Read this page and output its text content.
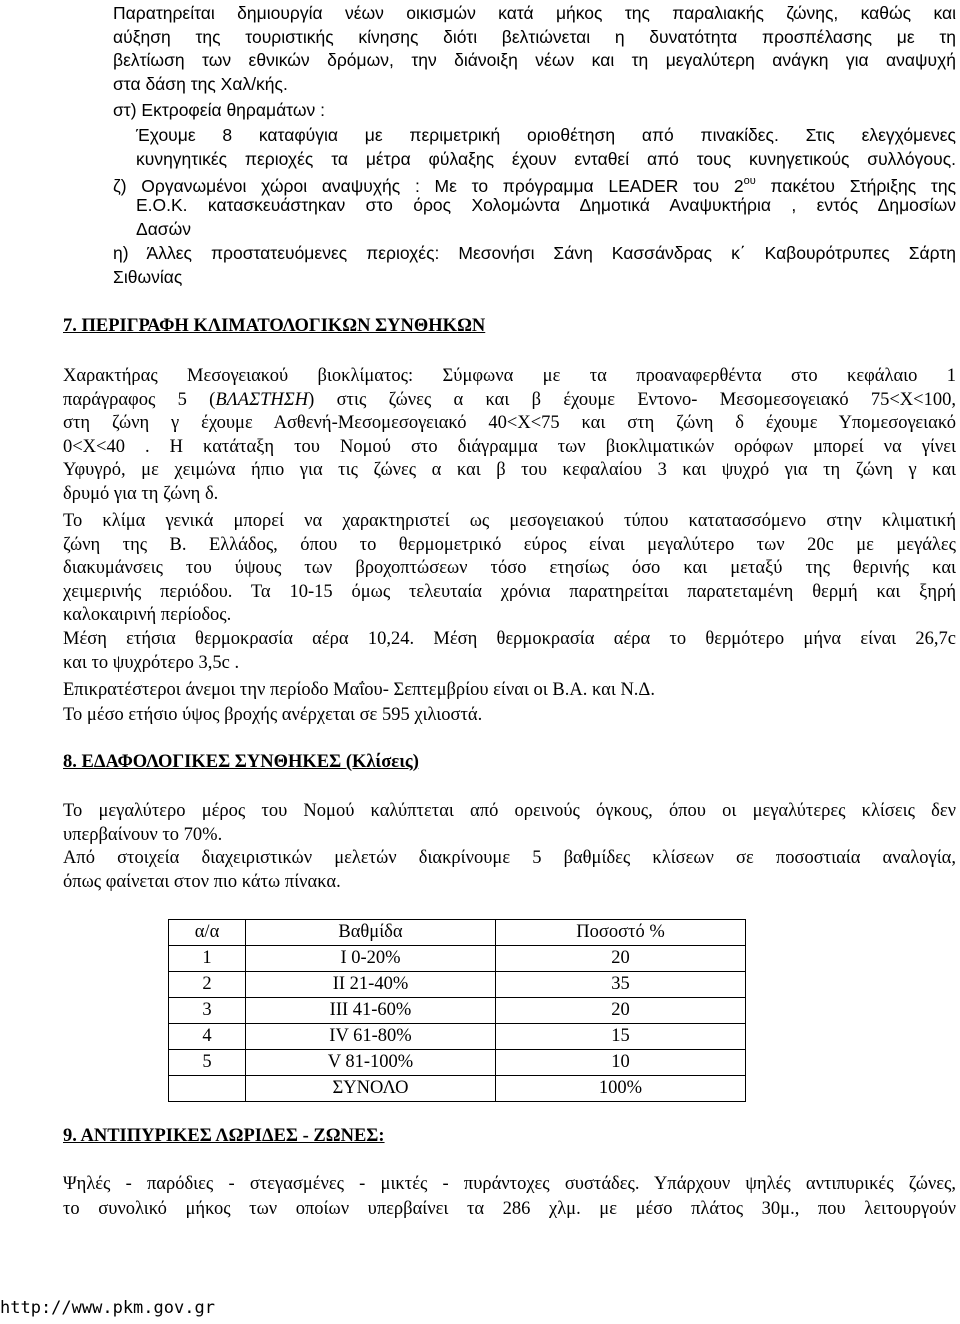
Παρατηρείται δημιουργία νέων οικισμών κατά μήκος της παραλιακής ζώνης, καθώς και
αύξηση της τουριστικής κίνησης διότι βελτιώνεται η δυνατότητα προσπέλασης με τη
βελτίωση των εθνικών δρόμων, την διάνοιξη νέων και τη μεγαλύτερη ανάγκη για αναψυχή
στα δάση της Χαλ/κής.
στ) Εκτροφεία θηραμάτων :
Έχουμε 8 καταφύγια με περιμετρική οριοθέτηση από πινακίδες. Στις ελεγχόμενες
κυνηγητικές περιοχές τα μέτρα φύλαξης έχουν ενταθεί από τους κυνηγετικούς συλλόγους.
ζ) Οργανωμένοι χώροι αναψυχής : Με το πρόγραμμα LEADER του $2^{o\upsilon}$ πακέτου Στήριξης της
Ε.Ο.Κ. κατασκευάστηκαν στο όρος Χολομώντα Δημοτικά Αναψυκτήρια , εντός Δημοσίων
Δασών
η) Άλλες προστατευόμενες περιοχές: Μεσονήσι Σάνη Κασσάνδρας κ΄ Καβουρότρυπες Σάρτη
Σιθωνίας
7. ΠΕΡΙΓΡΑΦΗ ΚΛΙΜΑΤΟΛΟΓΙΚΩΝ ΣΥΝΘΗΚΩΝ
Χαρακτήρας Μεσογειακού βιοκλίματος: Σύμφωνα με τα προαναφερθέντα στο κεφάλαιο 1
παράγραφος 5 (ΒΛΑΣΤΗΣΗ) στις ζώνες α και β έχουμε Εντονο- Μεσομεσογειακό 75<X<100,
στη ζώνη γ έχουμε Ασθενή-Μεσομεσογειακό 40<X<75 και στη ζώνη δ έχουμε Υπομεσογειακό
0<X<40 . Η κατάταξη του Νομού στο διάγραμμα των βιοκλιματικών ορόφων μπορεί να γίνει
Υφυγρό, με χειμώνα ήπιο για τις ζώνες α και β του κεφαλαίου 3 και ψυχρό για τη ζώνη γ και
δρυμό για τη ζώνη δ.
Το κλίμα γενικά μπορεί να χαρακτηριστεί ως μεσογειακού τύπου κατατασσόμενο στην κλιματική
ζώνη της Β. Ελλάδος, όπου το θερμομετρικό εύρος είναι μεγαλύτερο των 20c με μεγάλες
διακυμάνσεις του ύψους των βροχοπτώσεων τόσο ετησίως όσο και μεταξύ της θερινής και
χειμερινής περιόδου. Τα 10-15 όμως τελευταία χρόνια παρατηρείται παρατεταμένη θερμή και ξηρή
καλοκαιρινή περίοδος.
Μέση ετήσια θερμοκρασία αέρα 10,24. Μέση θερμοκρασία αέρα το θερμότερο μήνα είναι 26,7c
και το ψυχρότερο 3,5c .
Επικρατέστεροι άνεμοι την περίοδο Μαΐου- Σεπτεμβρίου είναι οι Β.Α. και Ν.Δ.
Το μέσο ετήσιο ύψος βροχής ανέρχεται σε 595 χιλιοστά.
8. ΕΔΑΦΟΛΟΓΙΚΕΣ ΣΥΝΘΗΚΕΣ (Κλίσεις)
Το μεγαλύτερο μέρος του Νομού καλύπτεται από ορεινούς όγκους, όπου οι μεγαλύτερες κλίσεις δεν
υπερβαίνουν το 70%.
Από στοιχεία διαχειριστικών μελετών διακρίνουμε 5 βαθμίδες κλίσεων σε ποσοστιαία αναλογία,
όπως φαίνεται στον πιο κάτω πίνακα.
α/α	Βαθμίδα	Ποσοστό %
1	Ι 0-20%	20
2	ΙΙ 21-40%	35
3	ΙΙΙ 41-60%	20
4	ΙV 61-80%	15
5	V 81-100%	10
	ΣΥΝΟΛΟ	100%
9. ΑΝΤΙΠΥΡΙΚΕΣ ΛΩΡΙΔΕΣ - ΖΩΝΕΣ:
Ψηλές - παρόδιες - στεγασμένες - μικτές - πυράντοχες συστάδες. Υπάρχουν ψηλές αντιπυρικές ζώνες,
το συνολικό μήκος των οποίων υπερβαίνει τα 286 χλμ. με μέσο πλάτος 30μ., που λειτουργούν
http://www.pkm.gov.gr
